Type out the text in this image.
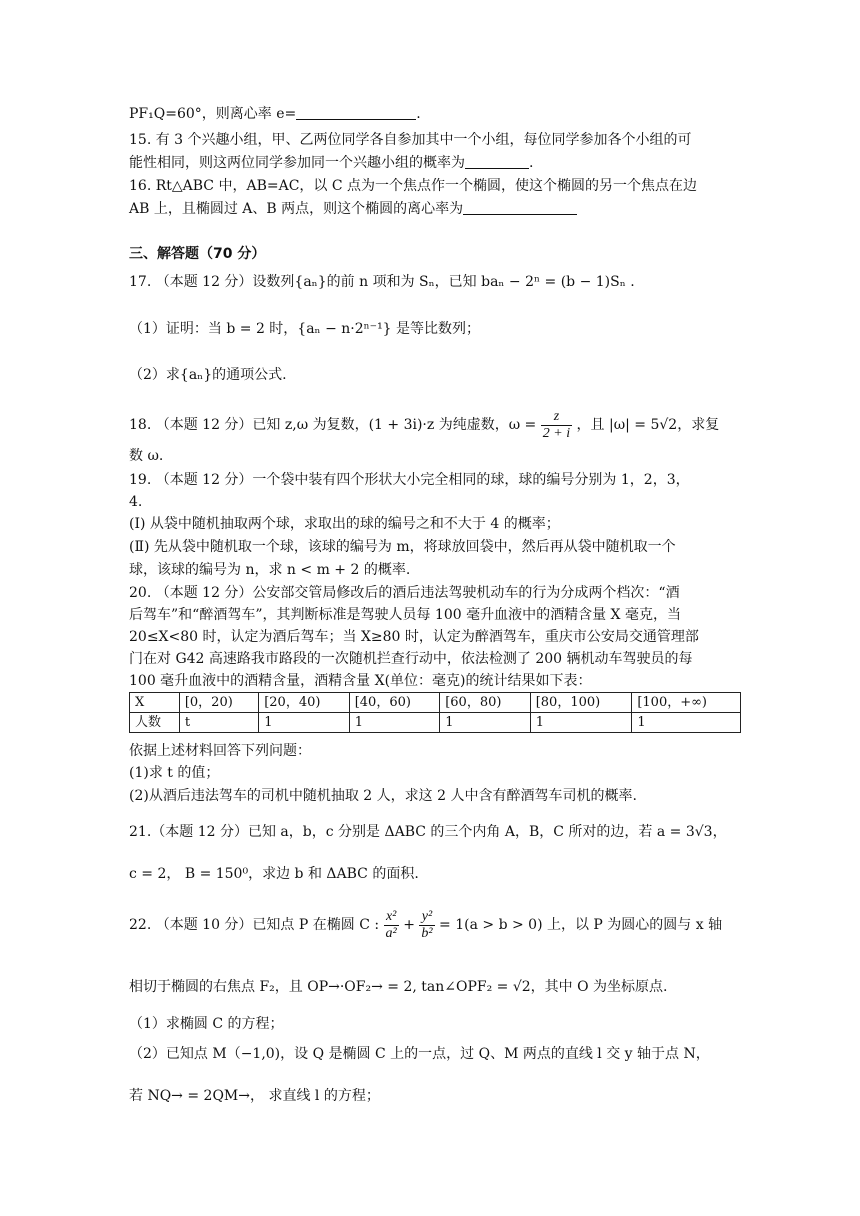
PF₁Q=60°，则离心率 e=	.
15. 有 3 个兴趣小组，甲、乙两位同学各自参加其中一个小组，每位同学参加各个小组的可
能性相同，则这两位同学参加同一个兴趣小组的概率为	.
16. Rt△ABC 中，AB=AC，以 C 点为一个焦点作一个椭圆，使这个椭圆的另一个焦点在边
AB 上，且椭圆过 A、B 两点，则这个椭圆的离心率为
三、解答题（70 分）
17. （本题 12 分）设数列{aₙ}的前 n 项和为 Sₙ，已知 baₙ − 2ⁿ = (b − 1)Sₙ .
（1）证明：当 b = 2 时，{aₙ − n·2ⁿ⁻¹} 是等比数列；
（2）求{aₙ}的通项公式.
18. （本题 12 分）已知 z,ω 为复数，(1 + 3i)·z 为纯虚数，$\omega = \frac{z}{2 + i}$ ，且 |ω| = 5√2，求复
数 ω.
19. （本题 12 分）一个袋中装有四个形状大小完全相同的球，球的编号分别为 1，2，3，
4.
(Ⅰ) 从袋中随机抽取两个球，求取出的球的编号之和不大于 4 的概率；
(Ⅱ) 先从袋中随机取一个球，该球的编号为 m，将球放回袋中，然后再从袋中随机取一个
球，该球的编号为 n，求 n < m + 2 的概率.
20. （本题 12 分）公安部交管局修改后的酒后违法驾驶机动车的行为分成两个档次：“酒
后驾车”和“醉酒驾车”，其判断标准是驾驶人员每 100 毫升血液中的酒精含量 X 毫克，当
20≤X<80 时，认定为酒后驾车；当 X≥80 时，认定为醉酒驾车，重庆市公安局交通管理部
门在对 G42 高速路我市路段的一次随机拦查行动中，依法检测了 200 辆机动车驾驶员的每
100 毫升血液中的酒精含量，酒精含量 X(单位：毫克)的统计结果如下表：
X	[0，20)	[20，40)	[40，60)	[60，80)	[80，100)	[100，+∞)
人数	t	1	1	1	1	1
依据上述材料回答下列问题：
(1)求 t 的值；
(2)从酒后违法驾车的司机中随机抽取 2 人，求这 2 人中含有醉酒驾车司机的概率.
21.（本题 12 分）已知 a，b，c 分别是 ΔABC 的三个内角 A，B，C 所对的边，若 a = 3√3，
c = 2， B = 150⁰，求边 b 和 ΔABC 的面积.
22. （本题 10 分）已知点 P 在椭圆 C : $\frac{\text{x²}}{\text{a²}} + \frac{\text{y²}}{\text{b²}} = 1(a > b > 0)$ 上，以 P 为圆心的圆与 x 轴
相切于椭圆的右焦点 F₂，且 OP→·OF₂→ = 2, tan∠OPF₂ = √2，其中 O 为坐标原点.
（1）求椭圆 C 的方程；
（2）已知点 M（−1,0)，设 Q 是椭圆 C 上的一点，过 Q、M 两点的直线 l 交 y 轴于点 N，
若 NQ→ = 2QM→， 求直线 l 的方程；
